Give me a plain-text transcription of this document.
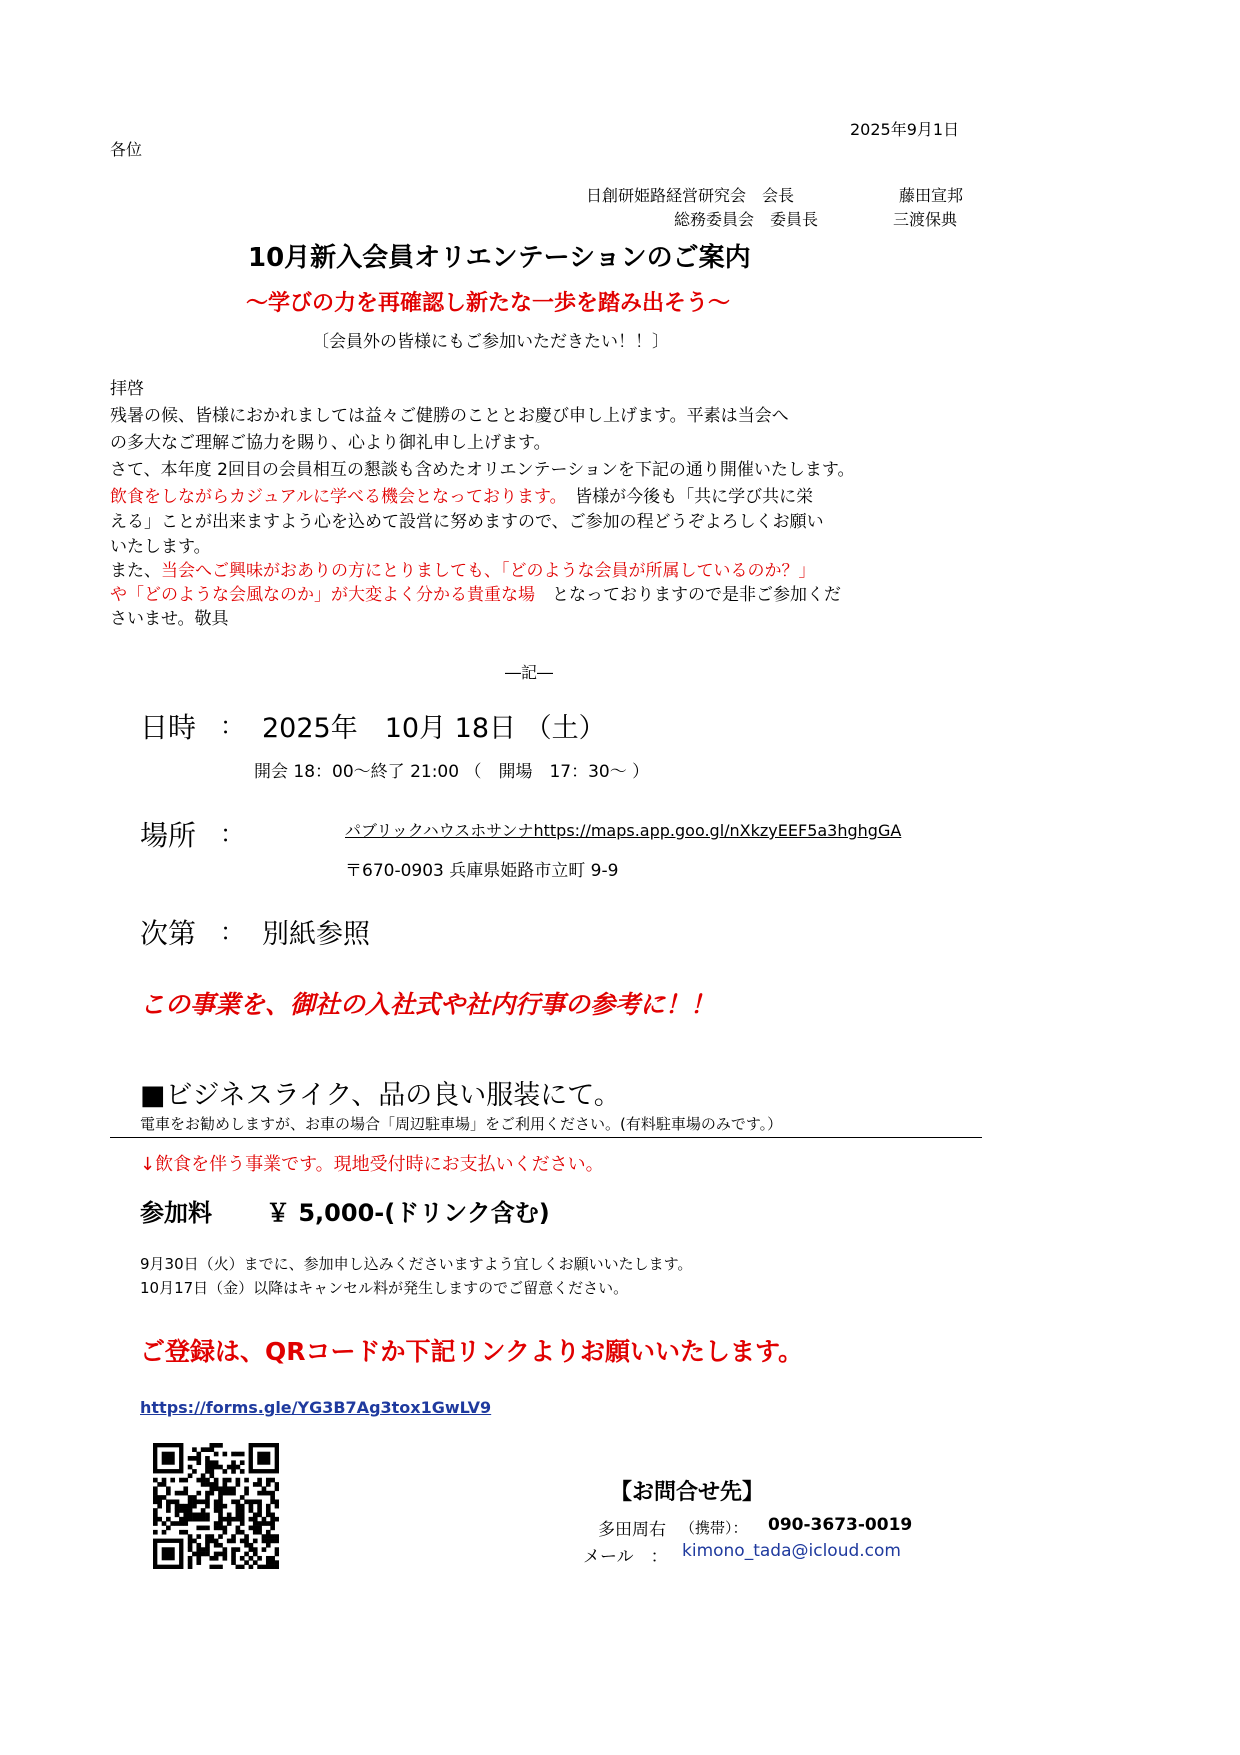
2025年9月1日
各位
日創研姫路経営研究会　会長	藤田宣邦
総務委員会　委員長	三渡保典
10月新入会員オリエンテーションのご案内
～学びの力を再確認し新たな一歩を踏み出そう～
〔会員外の皆様にもご参加いただきたい！！〕
拝啓
残暑の候、皆様におかれましては益々ご健勝のこととお慶び申し上げます。平素は当会へ
の多大なご理解ご協力を賜り、心より御礼申し上げます。
さて、本年度 2回目の会員相互の懇談も含めたオリエンテーションを下記の通り開催いたします。
飲食をしながらカジュアルに学べる機会となっております。　皆様が今後も「共に学び共に栄
える」ことが出来ますよう心を込めて設営に努めますので、ご参加の程どうぞよろしくお願い
いたします。
また、当会へご興味がおありの方にとりましても、「どのような会員が所属しているのか？」
や「どのような会風なのか」が大変よく分かる貴重な場　となっておりますので是非ご参加くだ
さいませ。敬具
―記―
日時 ： 2025年　10月 18日 （土）
開会 18：00～終了 21:00 （　開場　17：30～ ）
場所 ：	パブリックハウスホサンナhttps://maps.app.goo.gl/nXkzyEEF5a3hghgGA
〒670-0903 兵庫県姫路市立町 9-9
次第 ： 別紙参照
この事業を、御社の入社式や社内行事の参考に！！
■ビジネスライク、品の良い服装にて。
電車をお勧めしますが、お車の場合「周辺駐車場」をご利用ください。(有料駐車場のみです。）
↓飲食を伴う事業です。現地受付時にお支払いください。
参加料 ￥ 5,000-(ドリンク含む)
9月30日（火）までに、参加申し込みくださいますよう宜しくお願いいたします。
10月17日（金）以降はキャンセル料が発生しますのでご留意ください。
ご登録は、QRコードか下記リンクよりお願いいたします。
https://forms.gle/YG3B7Ag3tox1GwLV9
【お問合せ先】
多田周右 （携帯）： 090-3673-0019
メール　： kimono_tada@icloud.com
